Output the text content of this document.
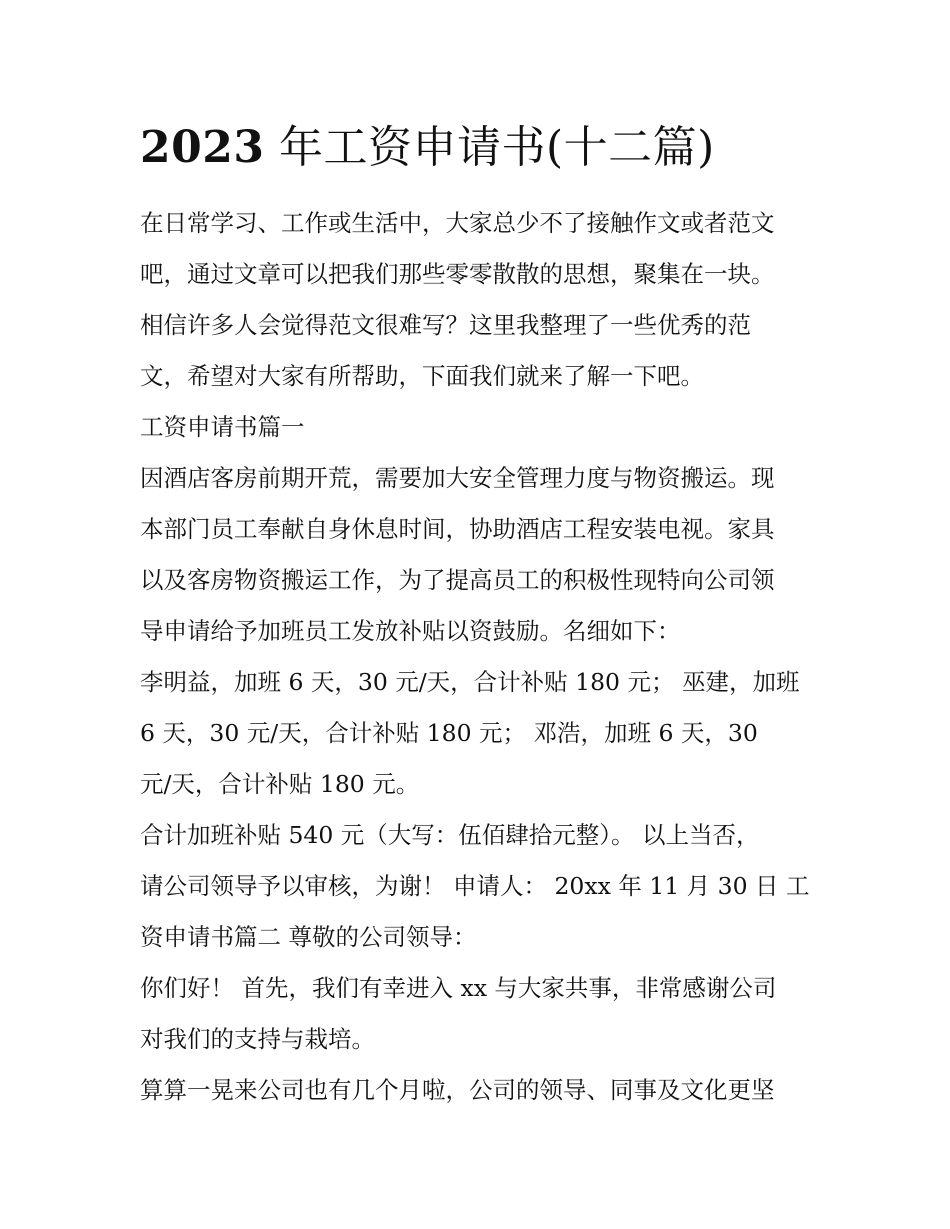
2023 年工资申请书(十二篇)
在日常学习、工作或生活中，大家总少不了接触作文或者范文
吧，通过文章可以把我们那些零零散散的思想，聚集在一块。
相信许多人会觉得范文很难写？这里我整理了一些优秀的范
文，希望对大家有所帮助，下面我们就来了解一下吧。
工资申请书篇一
因酒店客房前期开荒，需要加大安全管理力度与物资搬运。现
本部门员工奉献自身休息时间，协助酒店工程安装电视。家具
以及客房物资搬运工作，为了提高员工的积极性现特向公司领
导申请给予加班员工发放补贴以资鼓励。名细如下：
李明益，加班 6 天，30 元/天，合计补贴 180 元； 巫建，加班
6 天，30 元/天，合计补贴 180 元； 邓浩，加班 6 天，30
元/天，合计补贴 180 元。
合计加班补贴 540 元（大写：伍佰肆拾元整）。 以上当否，
请公司领导予以审核，为谢！ 申请人： 20xx 年 11 月 30 日 工
资申请书篇二 尊敬的公司领导：
你们好！ 首先，我们有幸进入 xx 与大家共事，非常感谢公司
对我们的支持与栽培。
算算一晃来公司也有几个月啦，公司的领导、同事及文化更坚
